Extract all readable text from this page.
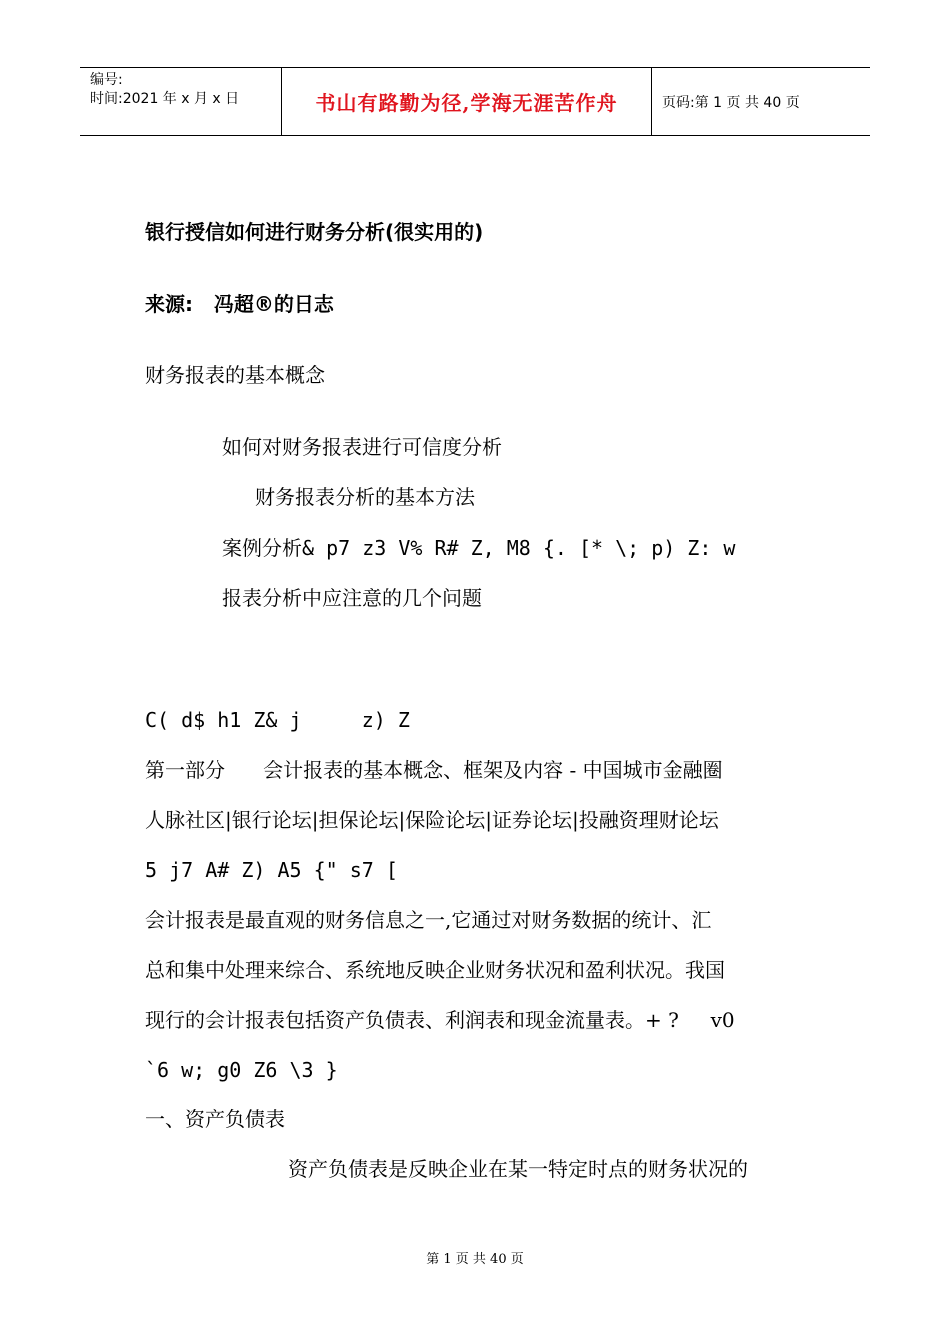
编号:
时间:2021 年 x 月 x 日	书山有路勤为径,学海无涯苦作舟	页码:第 1 页 共 40 页
银行授信如何进行财务分析(很实用的)
来源:   冯超®的日志
财务报表的基本概念
如何对财务报表进行可信度分析
财务报表分析的基本方法
案例分析& p7 z3 V% R# Z, M8 {. [* \; p) Z: w
报表分析中应注意的几个问题
C( d$ h1 Z& j     z) Z
第一部分      会计报表的基本概念、框架及内容 - 中国城市金融圈
人脉社区|银行论坛|担保论坛|保险论坛|证券论坛|投融资理财论坛
5 j7 A# Z) A5 {" s7 [
会计报表是最直观的财务信息之一,它通过对财务数据的统计、汇
总和集中处理来综合、系统地反映企业财务状况和盈利状况。我国
现行的会计报表包括资产负债表、利润表和现金流量表。+ ?     v0
`6 w; g0 Z6 \3 }
一、资产负债表
资产负债表是反映企业在某一特定时点的财务状况的
第 1 页 共 40 页
